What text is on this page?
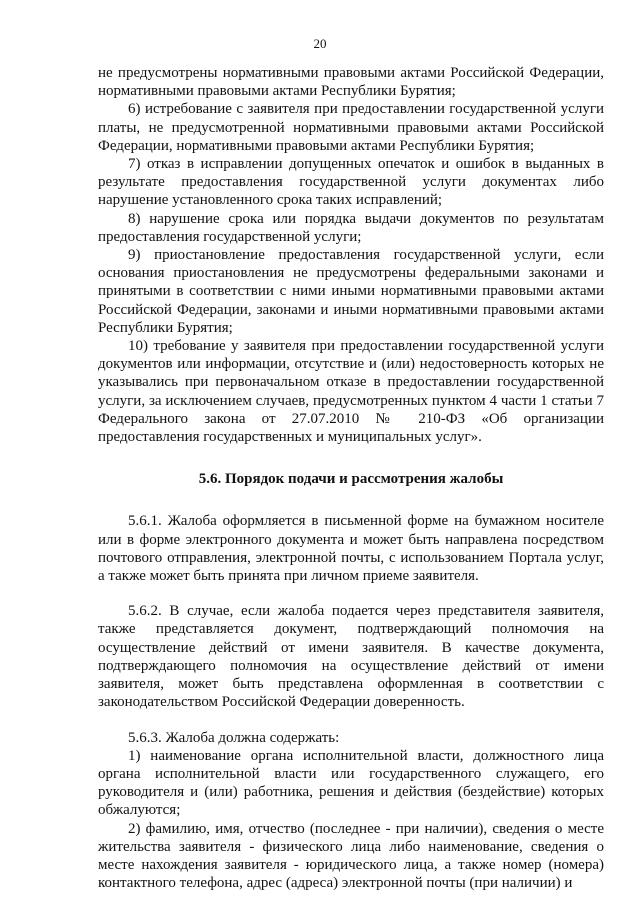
20

не предусмотрены нормативными правовыми актами Российской Федерации, нормативными правовыми актами Республики Бурятия;

6) истребование с заявителя при предоставлении государственной услуги платы, не предусмотренной нормативными правовыми актами Российской Федерации, нормативными правовыми актами Республики Бурятия;

7) отказ в исправлении допущенных опечаток и ошибок в выданных в результате предоставления государственной услуги документах либо нарушение установленного срока таких исправлений;

8) нарушение срока или порядка выдачи документов по результатам предоставления государственной услуги;

9) приостановление предоставления государственной услуги, если основания приостановления не предусмотрены федеральными законами и принятыми в соответствии с ними иными нормативными правовыми актами Российской Федерации, законами и иными нормативными правовыми актами Республики Бурятия;

10) требование у заявителя при предоставлении государственной услуги документов или информации, отсутствие и (или) недостоверность которых не указывались при первоначальном отказе в предоставлении государственной услуги, за исключением случаев, предусмотренных пунктом 4 части 1 статьи 7 Федерального закона от 27.07.2010 № 210-ФЗ «Об организации предоставления государственных и муниципальных услуг».

5.6. Порядок подачи и рассмотрения жалобы

5.6.1. Жалоба оформляется в письменной форме на бумажном носителе или в форме электронного документа и может быть направлена посредством почтового отправления, электронной почты, с использованием Портала услуг, а также может быть принята при личном приеме заявителя.

5.6.2. В случае, если жалоба подается через представителя заявителя, также представляется документ, подтверждающий полномочия на осуществление действий от имени заявителя. В качестве документа, подтверждающего полномочия на осуществление действий от имени заявителя, может быть представлена оформленная в соответствии с законодательством Российской Федерации доверенность.

5.6.3. Жалоба должна содержать:

1) наименование органа исполнительной власти, должностного лица органа исполнительной власти или государственного служащего, его руководителя и (или) работника, решения и действия (бездействие) которых обжалуются;

2) фамилию, имя, отчество (последнее - при наличии), сведения о месте жительства заявителя - физического лица либо наименование, сведения о месте нахождения заявителя - юридического лица, а также номер (номера) контактного телефона, адрес (адреса) электронной почты (при наличии) и
